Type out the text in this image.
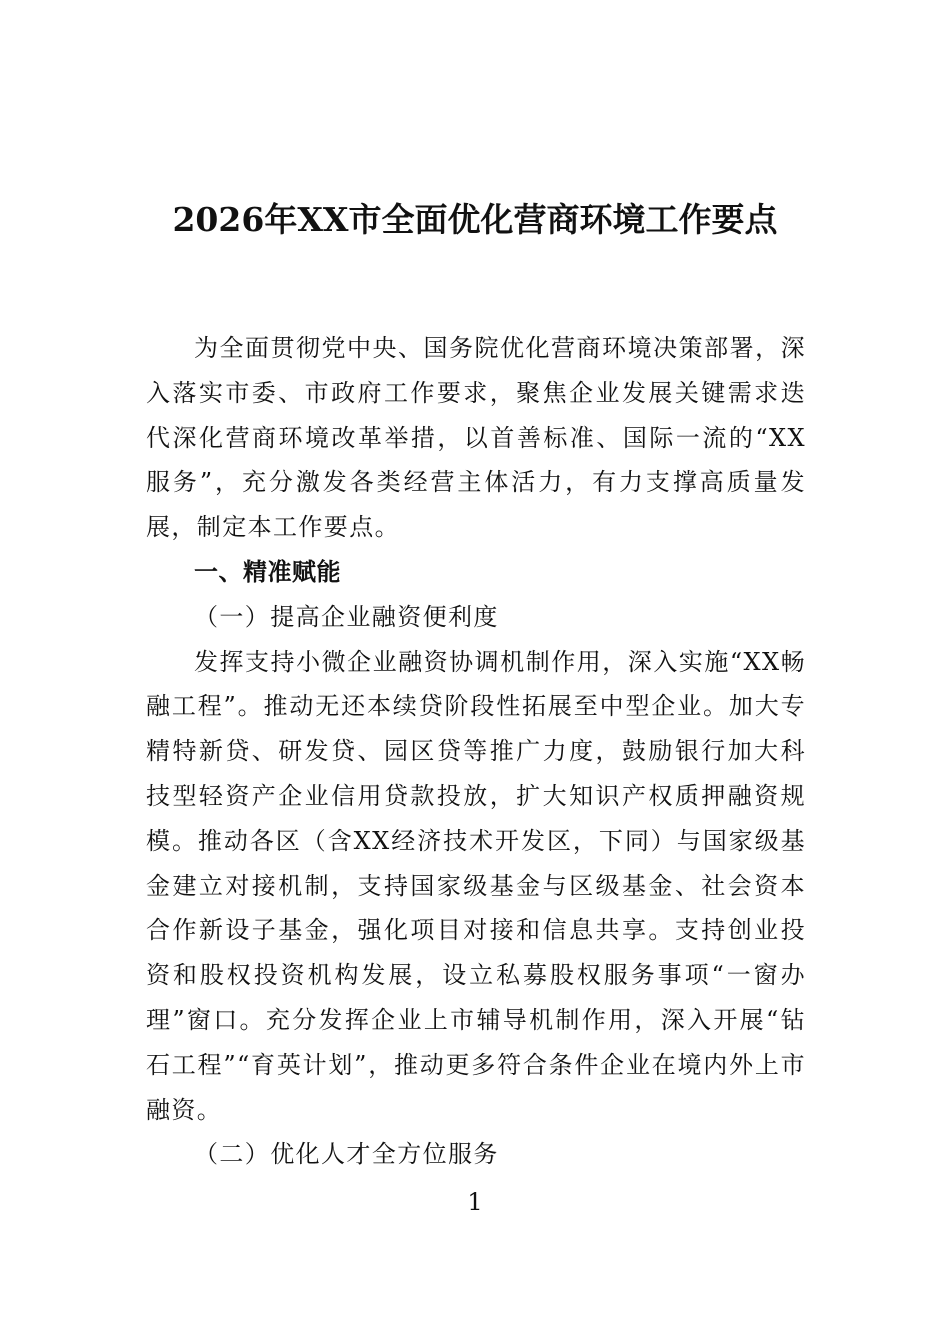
2026年XX市全面优化营商环境工作要点

为全面贯彻党中央、国务院优化营商环境决策部署，深入落实市委、市政府工作要求，聚焦企业发展关键需求迭代深化营商环境改革举措，以首善标准、国际一流的“XX服务”，充分激发各类经营主体活力，有力支撑高质量发展，制定本工作要点。

一、精准赋能

（一）提高企业融资便利度

发挥支持小微企业融资协调机制作用，深入实施“XX畅融工程”。推动无还本续贷阶段性拓展至中型企业。加大专精特新贷、研发贷、园区贷等推广力度，鼓励银行加大科技型轻资产企业信用贷款投放，扩大知识产权质押融资规模。推动各区（含XX经济技术开发区，下同）与国家级基金建立对接机制，支持国家级基金与区级基金、社会资本合作新设子基金，强化项目对接和信息共享。支持创业投资和股权投资机构发展，设立私募股权服务事项“一窗办理”窗口。充分发挥企业上市辅导机制作用，深入开展“钻石工程”“育英计划”，推动更多符合条件企业在境内外上市融资。

（二）优化人才全方位服务

1
